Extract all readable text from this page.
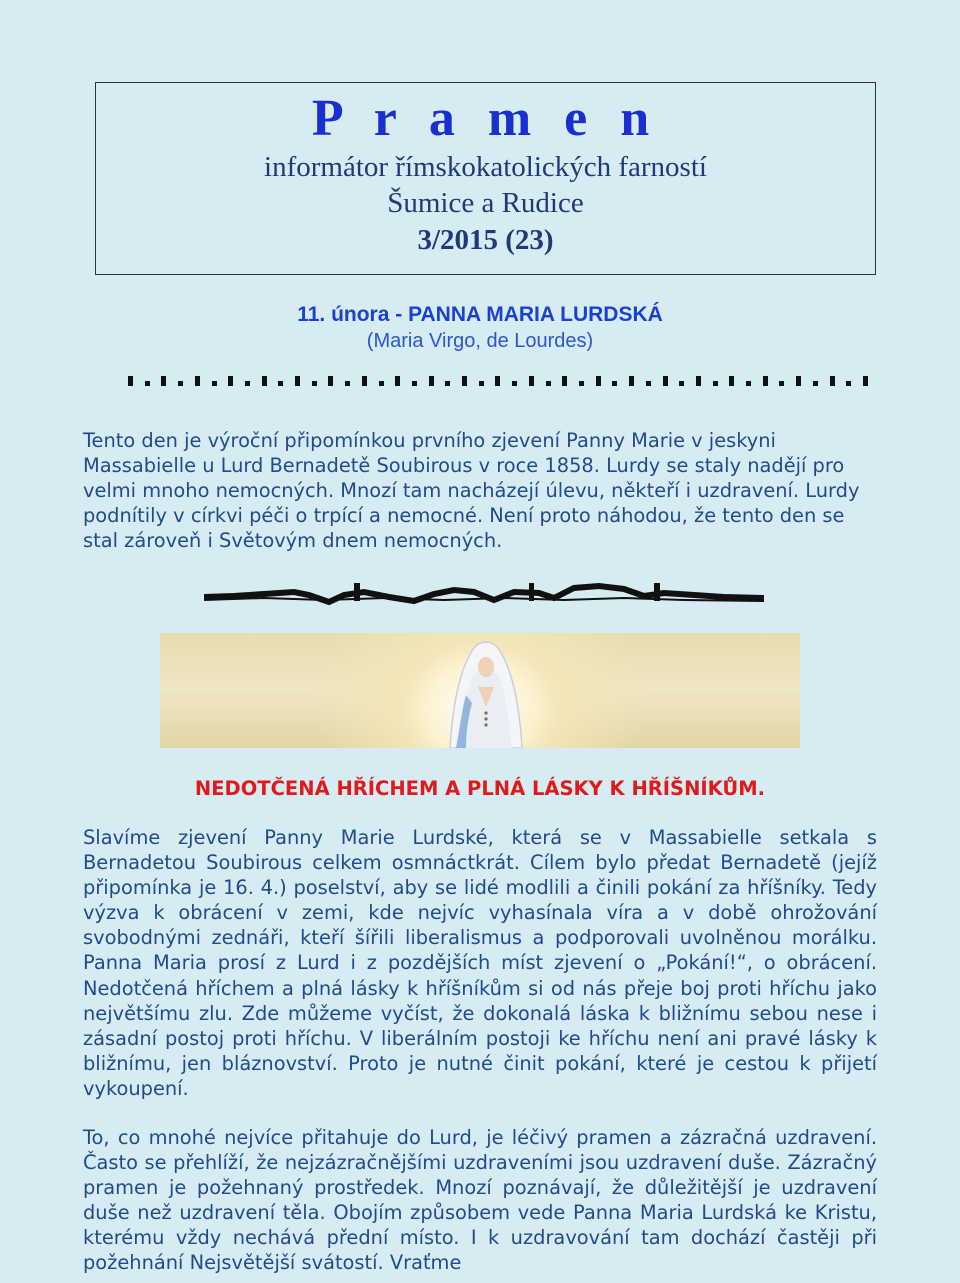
P r a m e n
informátor římskokatolických farností
Šumice a Rudice
3/2015 (23)
11. února - PANNA MARIA LURDSKÁ
(Maria Virgo, de Lourdes)

Tento den je výroční připomínkou prvního zjevení Panny Marie v jeskyni Massabielle u Lurd Bernadetě Soubirous v roce 1858. Lurdy se staly nadějí pro velmi mnoho nemocných. Mnozí tam nacházejí úlevu, někteří i uzdravení. Lurdy podnítily v církvi péči o trpící a nemocné. Není proto náhodou, že tento den se stal zároveň i Světovým dnem nemocných.

NEDOTČENÁ HŘÍCHEM A PLNÁ LÁSKY K HŘÍŠNÍKŮM.

Slavíme zjevení Panny Marie Lurdské, která se v Massabielle setkala s Bernadetou Soubirous celkem osmnáctkrát. Cílem bylo předat Bernadetě (jejíž připomínka je 16. 4.) poselství, aby se lidé modlili a činili pokání za hříšníky. Tedy výzva k obrácení v zemi, kde nejvíc vyhasínala víra a v době ohrožování svobodnými zednáři, kteří šířili liberalismus a podporovali uvolněnou morálku. Panna Maria prosí z Lurd i z pozdějších míst zjevení o „Pokání!“, o obrácení. Nedotčená hříchem a plná lásky k hříšníkům si od nás přeje boj proti hříchu jako největšímu zlu. Zde můžeme vyčíst, že dokonalá láska k bližnímu sebou nese i zásadní postoj proti hříchu. V liberálním postoji ke hříchu není ani pravé lásky k bližnímu, jen bláznovství. Proto je nutné činit pokání, které je cestou k přijetí vykoupení.

To, co mnohé nejvíce přitahuje do Lurd, je léčivý pramen a zázračná uzdravení. Často se přehlíží, že nejzázračnějšími uzdraveními jsou uzdravení duše. Zázračný pramen je požehnaný prostředek. Mnozí poznávají, že důležitější je uzdravení duše než uzdravení těla. Obojím způsobem vede Panna Maria Lurdská ke Kristu, kterému vždy nechává přední místo. I k uzdravování tam dochází častěji při požehnání Nejsvětější svátostí. Vraťme
